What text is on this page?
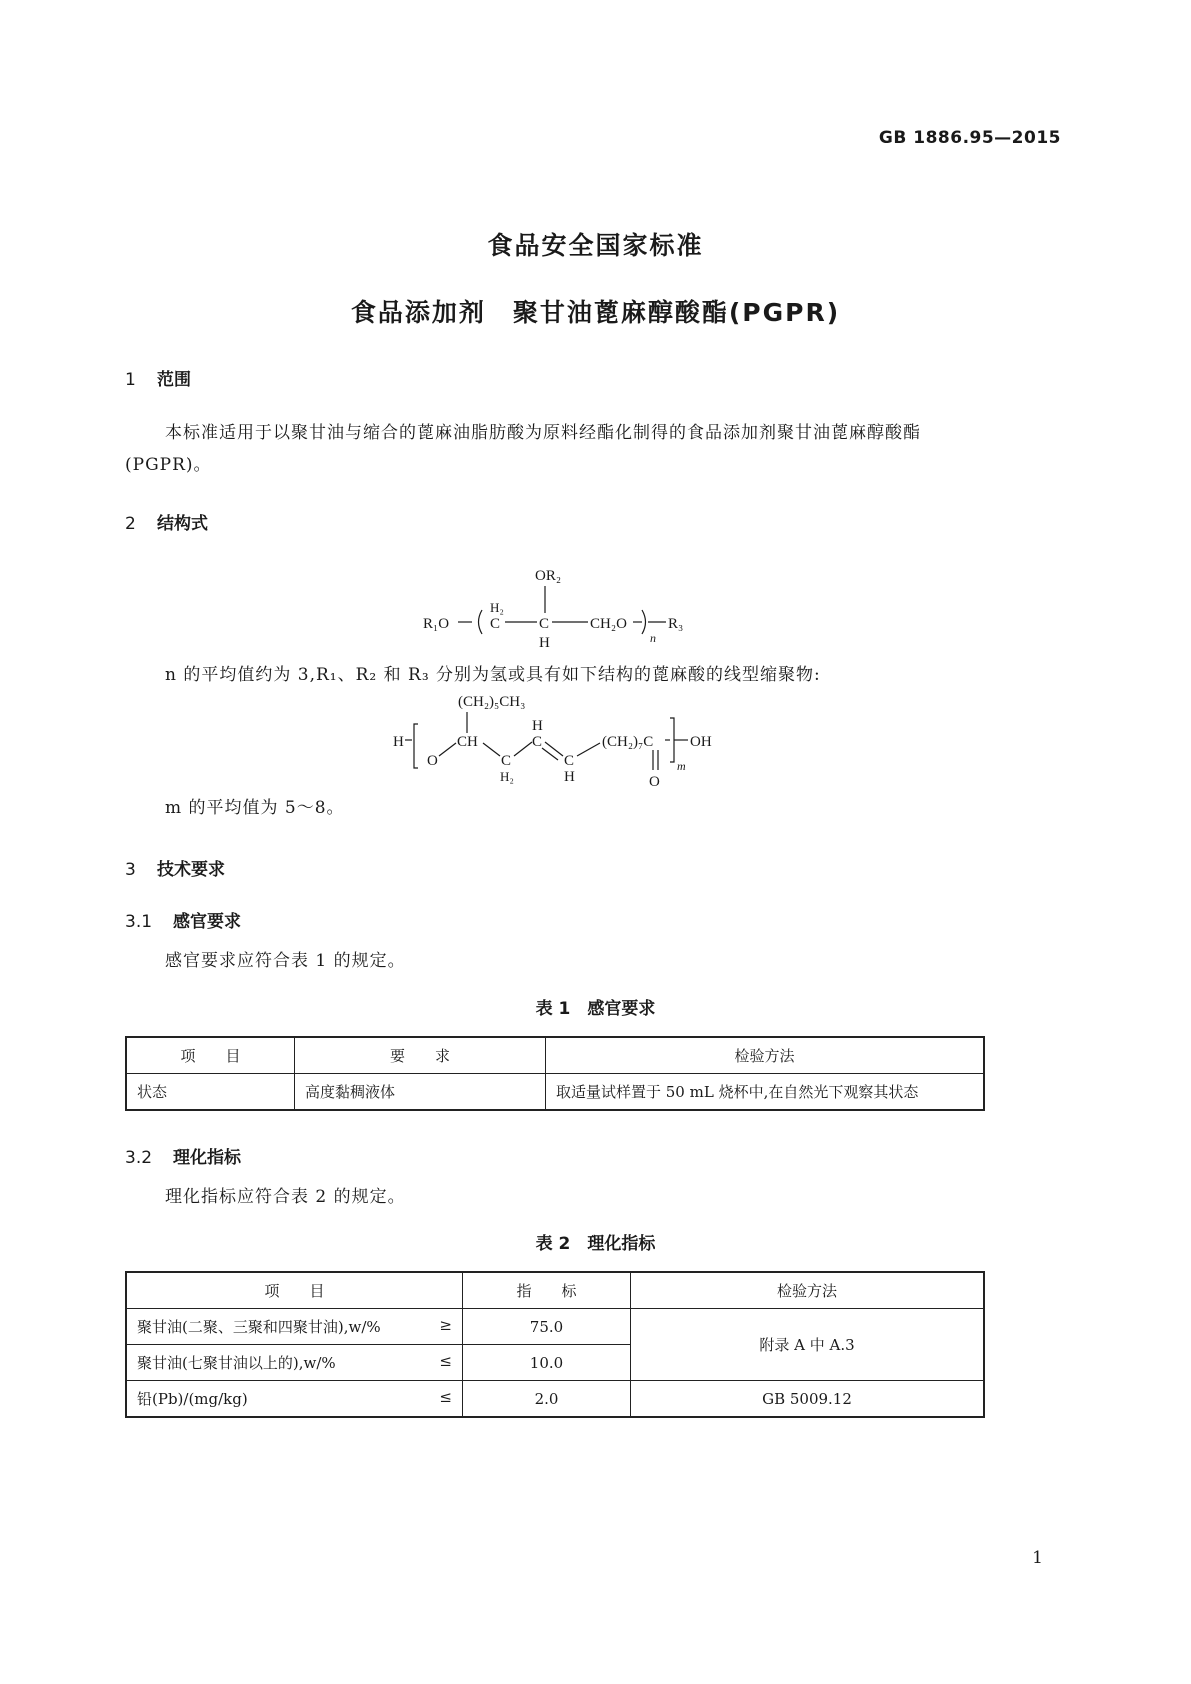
GB 1886.95—2015
食品安全国家标准
食品添加剂　聚甘油蓖麻醇酸酯(PGPR)
1 范围
本标准适用于以聚甘油与缩合的蓖麻油脂肪酸为原料经酯化制得的食品添加剂聚甘油蓖麻醇酸酯
(PGPR)。
2 结构式
OR₂
R₁O
H₂
C	C
H
CH₂O
n
R₃
n 的平均值约为 3,R₁、R₂ 和 R₃ 分别为氢或具有如下结构的蓖麻酸的线型缩聚物:
(CH₂)₅CH₃
H
O
CH
C
H₂
H
C
C
H
(CH₂)₇C
O
m
OH
m 的平均值为 5～8。
3 技术要求
3.1 感官要求
感官要求应符合表 1 的规定。
表 1　感官要求
项　　目	要　　求	检验方法
状态	高度黏稠液体	取适量试样置于 50 mL 烧杯中,在自然光下观察其状态
3.2 理化指标
理化指标应符合表 2 的规定。
表 2　理化指标
项　　目	指　　标	检验方法
聚甘油(二聚、三聚和四聚甘油),w/% ≥	75.0	附录 A 中 A.3
聚甘油(七聚甘油以上的),w/% ≤	10.0	
铅(Pb)/(mg/kg) ≤	2.0	GB 5009.12
1
